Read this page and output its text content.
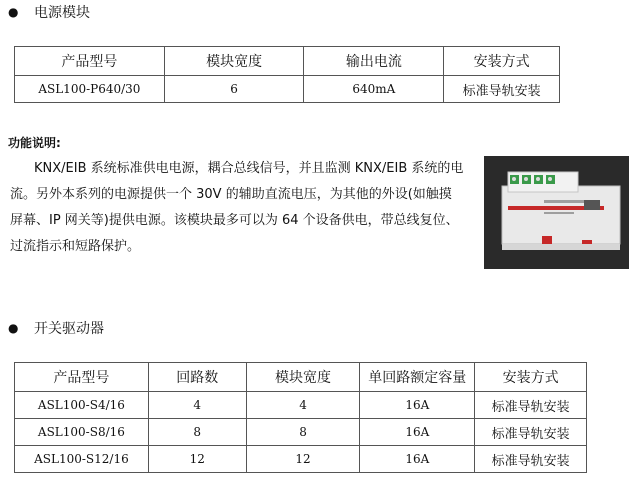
● 电源模块
产品型号	模块宽度	输出电流	安装方式
ASL100-P640/30	6	640mA	标准导轨安装
功能说明:
KNX/EIB 系统标准供电电源，耦合总线信号，并且监测 KNX/EIB 系统的电
流。另外本系列的电源提供一个 30V 的辅助直流电压，为其他的外设(如触摸
屏幕、IP 网关等)提供电源。该模块最多可以为 64 个设备供电，带总线复位、
过流指示和短路保护。
● 开关驱动器
产品型号	回路数	模块宽度	单回路额定容量	安装方式
ASL100-S4/16	4	4	16A	标准导轨安装
ASL100-S8/16	8	8	16A	标准导轨安装
ASL100-S12/16	12	12	16A	标准导轨安装
